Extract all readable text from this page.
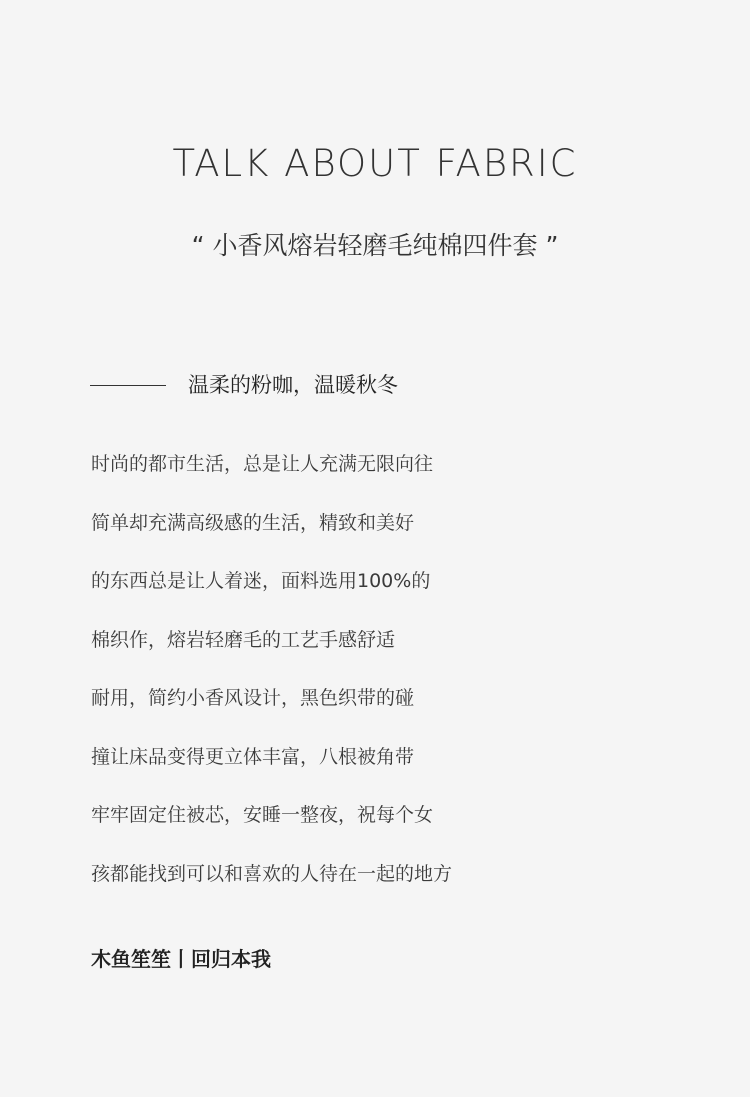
TALK ABOUT FABRIC
“ 小香风熔岩轻磨毛纯棉四件套 ”
温柔的粉咖，温暖秋冬
时尚的都市生活，总是让人充满无限向往
简单却充满高级感的生活，精致和美好
的东西总是让人着迷，面料选用100%的
棉织作，熔岩轻磨毛的工艺手感舒适
耐用，简约小香风设计，黑色织带的碰
撞让床品变得更立体丰富，八根被角带
牢牢固定住被芯，安睡一整夜，祝每个女
孩都能找到可以和喜欢的人待在一起的地方
木鱼笙笙丨回归本我
